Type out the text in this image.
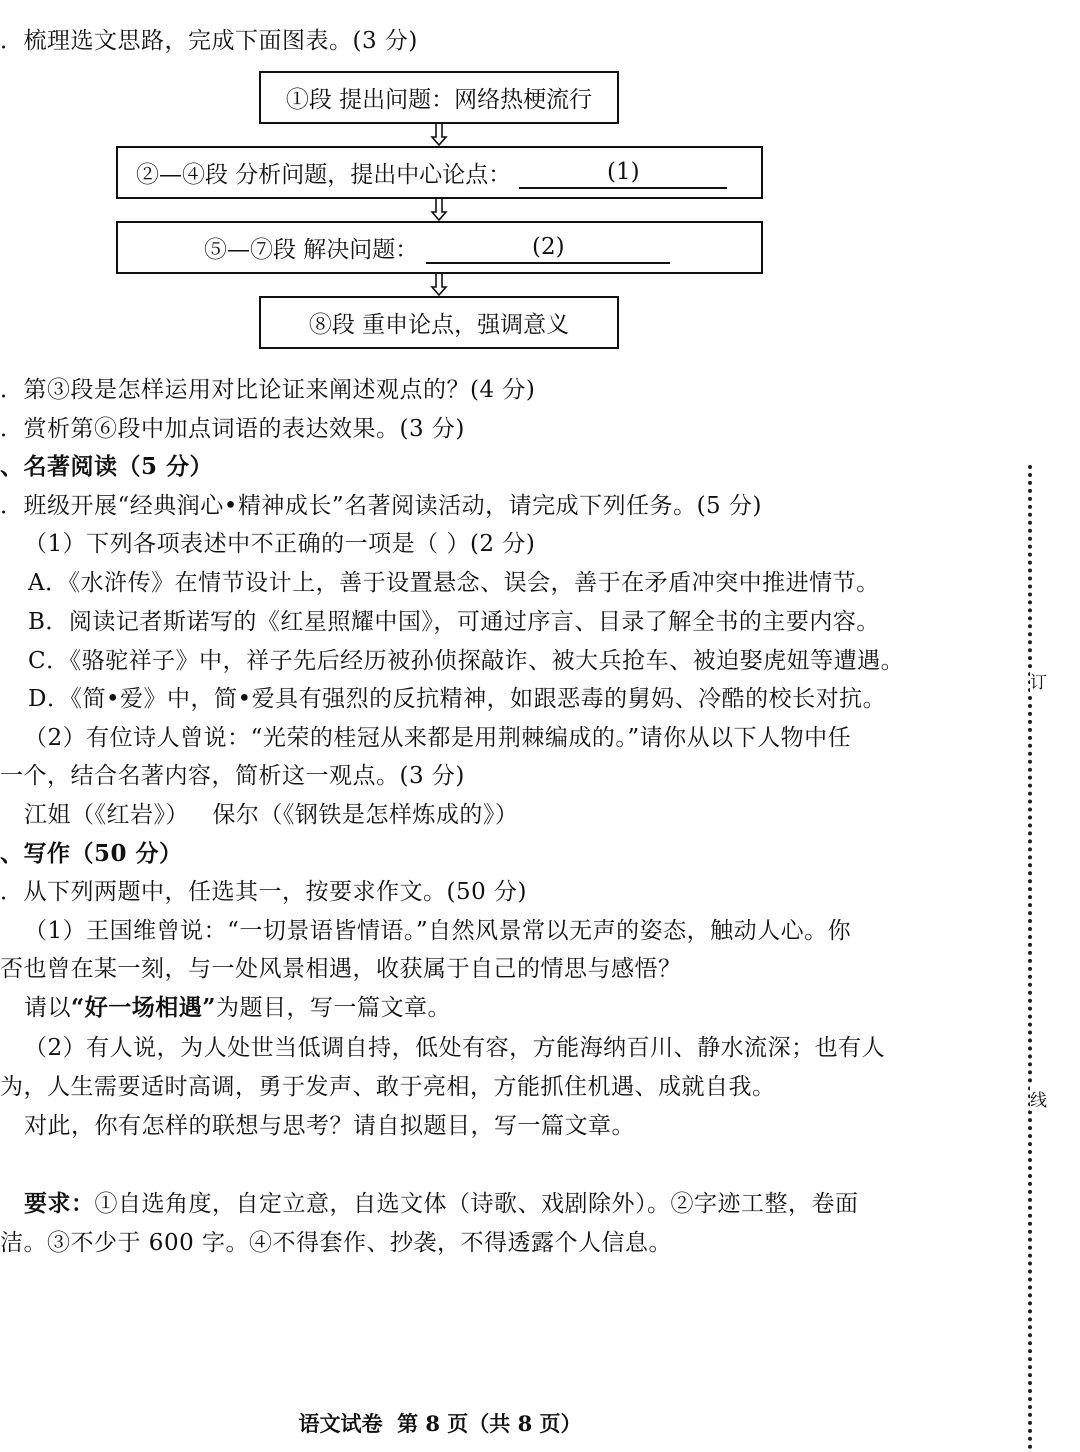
．梳理选文思路，完成下面图表。(3 分)
①段 提出问题：网络热梗流行
②—④段 分析问题，提出中心论点：	(1)
⑤—⑦段 解决问题：	(2)
⑧段 重申论点，强调意义
．第③段是怎样运用对比论证来阐述观点的？(4 分)
．赏析第⑥段中加点词语的表达效果。(3 分)
、名著阅读（5 分）
．班级开展“经典润心•精神成长”名著阅读活动，请完成下列任务。(5 分)
（1）下列各项表述中不正确的一项是（ ）(2 分)
A．《水浒传》在情节设计上，善于设置悬念、误会，善于在矛盾冲突中推进情节。
B．阅读记者斯诺写的《红星照耀中国》，可通过序言、目录了解全书的主要内容。
C．《骆驼祥子》中，祥子先后经历被孙侦探敲诈、被大兵抢车、被迫娶虎妞等遭遇。
D．《简•爱》中，简•爱具有强烈的反抗精神，如跟恶毒的舅妈、冷酷的校长对抗。
（2）有位诗人曾说：“光荣的桂冠从来都是用荆棘编成的。”请你从以下人物中任
一个，结合名著内容，简析这一观点。(3 分)
江姐（《红岩》）   保尔（《钢铁是怎样炼成的》）
、写作（50 分）
．从下列两题中，任选其一，按要求作文。(50 分)
（1）王国维曾说：“一切景语皆情语。”自然风景常以无声的姿态，触动人心。你
否也曾在某一刻，与一处风景相遇，收获属于自己的情思与感悟？
请以“好一场相遇”为题目，写一篇文章。
（2）有人说，为人处世当低调自持，低处有容，方能海纳百川、静水流深；也有人
为，人生需要适时高调，勇于发声、敢于亮相，方能抓住机遇、成就自我。
对此，你有怎样的联想与思考？请自拟题目，写一篇文章。
要求：①自选角度，自定立意，自选文体（诗歌、戏剧除外）。②字迹工整，卷面
洁。③不少于 600 字。④不得套作、抄袭，不得透露个人信息。
订
线
语文试卷  第 8 页（共 8 页）
